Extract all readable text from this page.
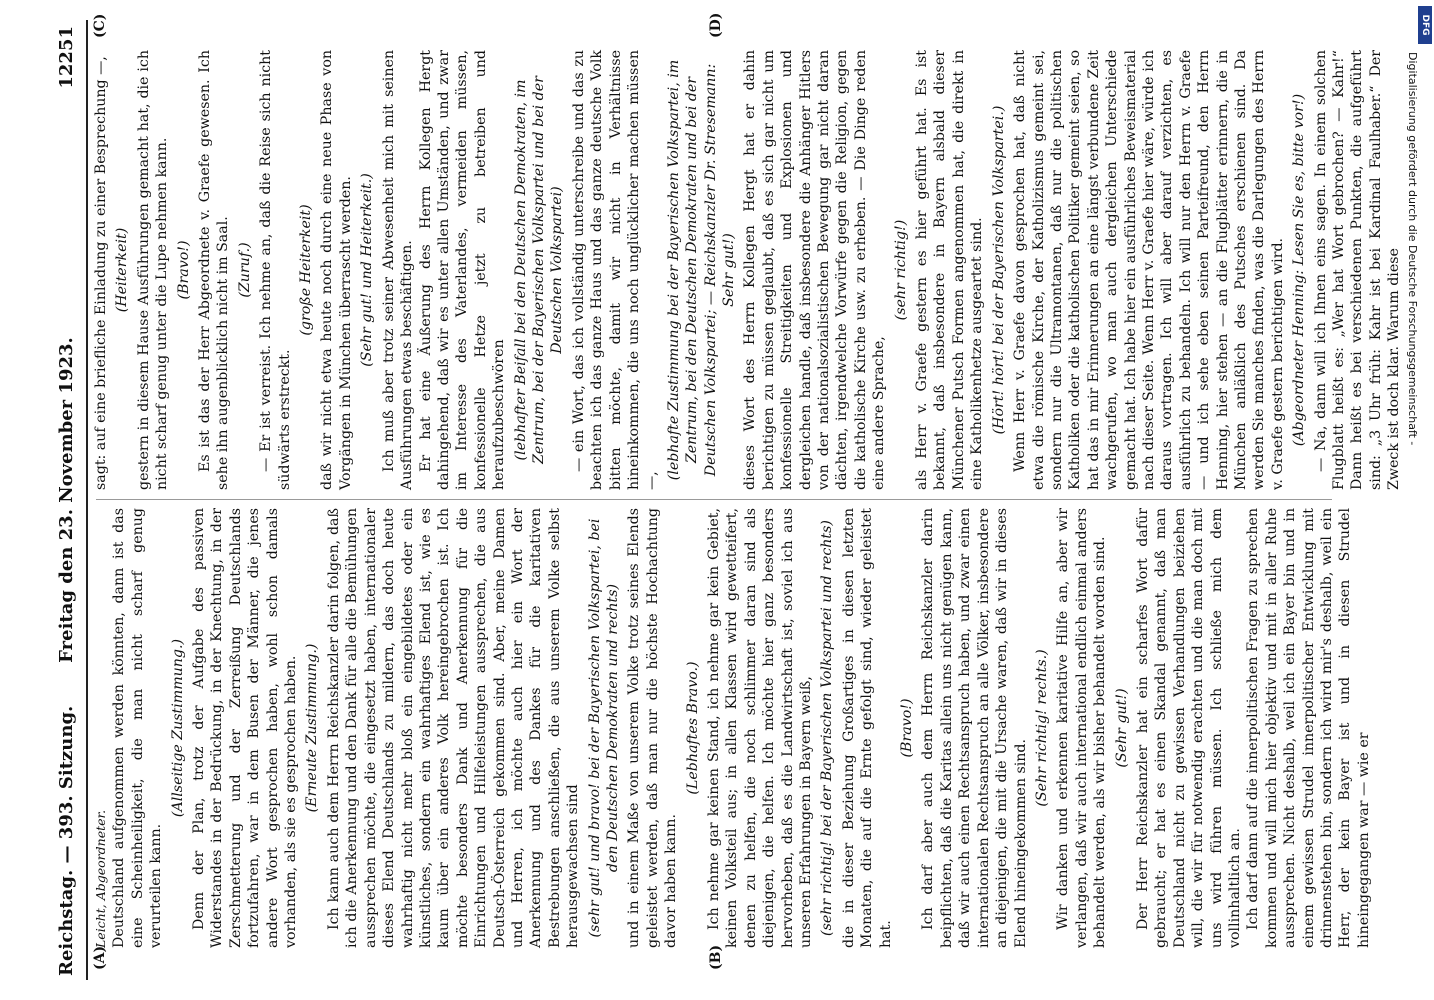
Reichstag. — 393. Sitzung.
Freitag den 23. November 1923.
12251
(A)	(B)
(C)	(D)

Leicht, Abgeordneter. Deutschland aufgenommen werden könnten, dann ist das eine Scheinheiligkeit, die man nicht scharf genug verurteilen kann.

(Allseitige Zustimmung.) Denn der Plan, trotz der Aufgabe des passiven Widerstandes in der Bedrückung, in der Knechtung, in der Zerschmetterung und der Zerreißung Deutschlands fortzufahren, war in dem Busen der Männer, die jenes andere Wort gesprochen haben, wohl schon damals vorhanden, als sie es gesprochen haben. (Erneute Zustimmung.) Ich kann auch dem Herrn Reichskanzler darin folgen, daß ich die Anerkennung und den Dank für alle die Bemühungen aussprechen möchte, die eingesetzt haben, internationaler dieses Elend Deutschlands zu mildern, das doch heute wahrhaftig nicht mehr bloß ein eingebildetes oder ein künstliches, sondern ein wahrhaftiges Elend ist, wie es kaum über ein anderes Volk hereingebrochen ist. Ich möchte besonders Dank und Anerkennung für die Einrichtungen und Hilfeleistungen aussprechen, die aus Deutsch-Österreich gekommen sind. Aber, meine Damen und Herren, ich möchte auch hier ein Wort der Anerkennung und des Dankes für die karitativen Bestrebungen anschließen, die aus unserem Volke selbst herausgewachsen sind (sehr gut! und bravo! bei der Bayerischen Volkspartei, bei den Deutschen Demokraten und rechts) und in einem Maße von unserem Volke trotz seines Elends geleistet werden, daß man nur die höchste Hochachtung davor haben kann.

(Lebhaftes Bravo.) Ich nehme gar keinen Stand, ich nehme gar kein Gebiet, keinen Volksteil aus; in allen Klassen wird gewetteifert, denen zu helfen, die noch schlimmer daran sind als diejenigen, die helfen. Ich möchte hier ganz besonders hervorheben, daß es die Landwirtschaft ist, soviel ich aus unseren Erfahrungen in Bayern weiß, (sehr richtig! bei der Bayerischen Volkspartei und rechts) die in dieser Beziehung Großartiges in diesen letzten Monaten, die auf die Ernte gefolgt sind, wieder geleistet hat.

(Bravo!) Ich darf aber auch dem Herrn Reichskanzler darin beipflichten, daß die Karitas allein uns nicht genügen kann, daß wir auch einen Rechtsanspruch haben, und zwar einen internationalen Rechtsanspruch an alle Völker, insbesondere an diejenigen, die mit die Ursache waren, daß wir in dieses Elend hineingekommen sind.

(Sehr richtig! rechts.) Wir danken und erkennen karitative Hilfe an, aber wir verlangen, daß wir auch international endlich einmal anders behandelt werden, als wir bisher behandelt worden sind. (Sehr gut!) Der Herr Reichskanzler hat ein scharfes Wort dafür gebraucht; er hat es einen Skandal genannt, daß man Deutschland nicht zu gewissen Verhandlungen beiziehen will, die wir für notwendig erachten und die man doch mit uns wird führen müssen. Ich schließe mich dem vollinhaltlich an. Ich darf dann auf die innerpolitischen Fragen zu sprechen kommen und will mich hier objektiv und mit in aller Ruhe aussprechen. Nicht deshalb, weil ich ein Bayer bin und in einem gewissen Strudel innerpolitischer Entwicklung mit drinnenstehen bin, sondern ich wird mir's deshalb, weil ein Herr, der kein Bayer ist und in diesen Strudel hineingegangen war — wie er

sagt: auf eine briefliche Einladung zu einer Besprechung —, (Heiterkeit) gestern in diesem Hause Ausführungen gemacht hat, die ich nicht scharf genug unter die Lupe nehmen kann. (Bravo!) Es ist das der Herr Abgeordnete v. Graefe gewesen. Ich sehe ihn augenblicklich nicht im Saal. (Zuruf.) — Er ist verreist. Ich nehme an, daß die Reise sich nicht südwärts erstreckt.

(große Heiterkeit) daß wir nicht etwa heute noch durch eine neue Phase von Vorgängen in München überrascht werden. (Sehr gut! und Heiterkeit.) Ich muß aber trotz seiner Abwesenheit mich mit seinen Ausführungen etwas beschäftigen. Er hat eine Äußerung des Herrn Kollegen Hergt dahingehend, daß wir es unter allen Umständen, und zwar im Interesse des Vaterlandes, vermeiden müssen, konfessionelle Hetze jetzt zu betreiben und heraufzubeschwören (lebhafter Beifall bei den Deutschen Demokraten, im Zentrum, bei der Bayerischen Volkspartei und bei der Deutschen Volkspartei) — ein Wort, das ich vollständig unterschreibe und das zu beachten ich das ganze Haus und das ganze deutsche Volk bitten möchte, damit wir nicht in Verhältnisse hineinkommen, die uns noch unglücklicher machen müssen —,

(lebhafte Zustimmung bei der Bayerischen Volkspartei, im Zentrum, bei den Deutschen Demokraten und bei der Deutschen Volkspartei; — Reichskanzler Dr. Stresemann: Sehr gut!) dieses Wort des Herrn Kollegen Hergt hat er dahin berichtigen zu müssen geglaubt, daß es sich gar nicht um konfessionelle Streitigkeiten und Explosionen und dergleichen handle, daß insbesondere die Anhänger Hitlers von der nationalsozialistischen Bewegung gar nicht daran dächten, irgendwelche Vorwürfe gegen die Religion, gegen die katholische Kirche usw. zu erheben. — Die Dinge reden eine andere Sprache,

(sehr richtig!) als Herr v. Graefe gestern es hier geführt hat. Es ist bekannt, daß insbesondere in Bayern alsbald dieser Münchener Putsch Formen angenommen hat, die direkt in eine Katholikenhetze ausgeartet sind. (Hört! hört! bei der Bayerischen Volkspartei.) Wenn Herr v. Graefe davon gesprochen hat, daß nicht etwa die römische Kirche, der Katholizismus gemeint sei, sondern nur die Ultramontanen, daß nur die politischen Katholiken oder die katholischen Politiker gemeint seien, so hat das in mir Erinnerungen an eine längst verbundene Zeit wachgerufen, wo man auch dergleichen Unterschiede gemacht hat. Ich habe hier ein ausführliches Beweismaterial nach dieser Seite. Wenn Herr v. Graefe hier wäre, würde ich daraus vortragen. Ich will aber darauf verzichten, es ausführlich zu behandeln. Ich will nur den Herrn v. Graefe — und ich sehe eben seinen Parteifreund, den Herrn Henning, hier stehen — an die Flugblätter erinnern, die in München anläßlich des Putsches erschienen sind. Da werden Sie manches finden, was die Darlegungen des Herrn v. Graefe gestern berichtigen wird. (Abgeordneter Henning: Lesen Sie es, bitte vor!) — Na, dann will ich Ihnen eins sagen. In einem solchen Flugblatt heißt es: „Wer hat Wort gebrochen? — Kahr!“ Dann heißt es bei verschiedenen Punkten, die aufgeführt sind: „3 Uhr früh: Kahr ist bei Kardinal Faulhaber.“ Der Zweck ist doch klar. Warum diese Digitalisierung gefördert durch die Deutsche Forschungsgemeinschaft -
DFG
